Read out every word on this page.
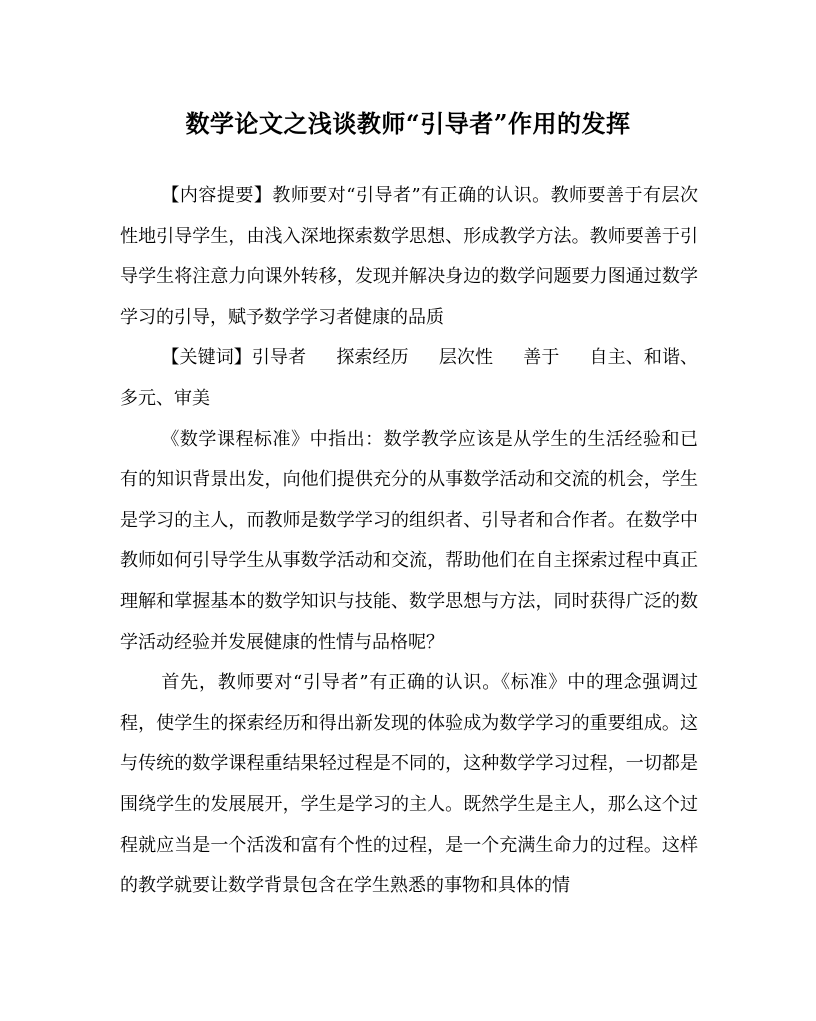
数学论文之浅谈教师“引导者”作用的发挥

【内容提要】教师要对“引导者”有正确的认识。教师要善于有层次性地引导学生，由浅入深地探索数学思想、形成教学方法。教师要善于引导学生将注意力向课外转移，发现并解决身边的数学问题要力图通过数学学习的引导，赋予数学学习者健康的品质

【关键词】引导者 探索经历 层次性 善于 自主、和谐、多元、审美

《数学课程标准》中指出：数学教学应该是从学生的生活经验和已有的知识背景出发，向他们提供充分的从事数学活动和交流的机会，学生是学习的主人，而教师是数学学习的组织者、引导者和合作者。在数学中教师如何引导学生从事数学活动和交流，帮助他们在自主探索过程中真正理解和掌握基本的数学知识与技能、数学思想与方法，同时获得广泛的数学活动经验并发展健康的性情与品格呢？

首先，教师要对“引导者”有正确的认识。《标准》中的理念强调过程，使学生的探索经历和得出新发现的体验成为数学学习的重要组成。这与传统的数学课程重结果轻过程是不同的，这种数学学习过程，一切都是围绕学生的发展展开，学生是学习的主人。既然学生是主人，那么这个过程就应当是一个活泼和富有个性的过程，是一个充满生命力的过程。这样的教学就要让数学背景包含在学生熟悉的事物和具体的情
